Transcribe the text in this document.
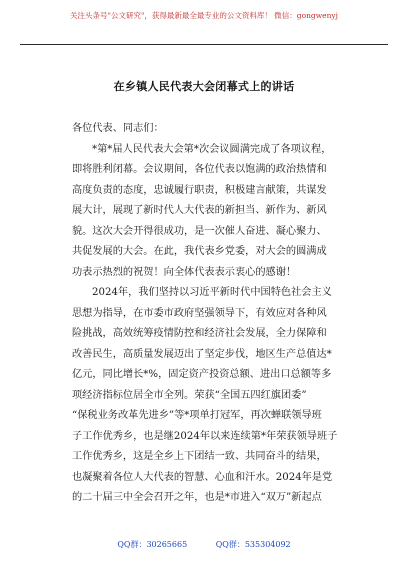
关注头条号"公文研究"，获得最新最全最专业的公文资料库！ 微信：gongwenyj
在乡镇人民代表大会闭幕式上的讲话

各位代表、同志们：

*第*届人民代表大会第*次会议圆满完成了各项议程，

即将胜利闭幕。会议期间，各位代表以饱满的政治热情和

高度负责的态度，忠诚履行职责，积极建言献策，共谋发

展大计，展现了新时代人大代表的新担当、新作为、新风

貌。这次大会开得很成功，是一次催人奋进、凝心聚力、

共促发展的大会。在此，我代表乡党委，对大会的圆满成

功表示热烈的祝贺！向全体代表表示衷心的感谢！

2024年，我们坚持以习近平新时代中国特色社会主义

思想为指导，在市委市政府坚强领导下，有效应对各种风

险挑战，高效统筹疫情防控和经济社会发展，全力保障和

改善民生，高质量发展迈出了坚定步伐，地区生产总值达*

亿元，同比增长*%，固定资产投资总额、进出口总额等多

项经济指标位居全市全列。荣获“全国五四红旗团委”

“保税业务改革先进乡”等*项单打冠军，再次蝉联领导班

子工作优秀乡，也是继2024年以来连续第*年荣获领导班子

工作优秀乡，这是全乡上下团结一致、共同奋斗的结果，

也凝聚着各位人大代表的智慧、心血和汗水。2024年是党

的二十届三中全会召开之年，也是*市进入“双万”新起点

QQ群：30265665	QQ群：535304092
